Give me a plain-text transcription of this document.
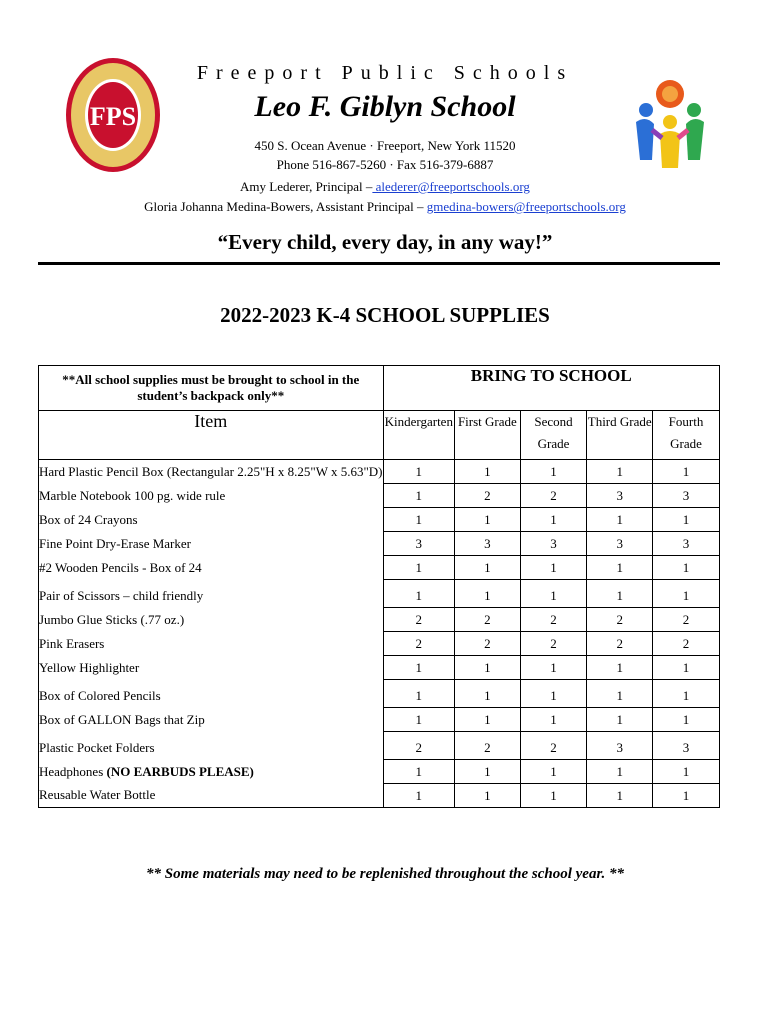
FPS
Freeport Public Schools
Leo F. Giblyn School
450 S. Ocean Avenue · Freeport, New York 11520
Phone 516-867-5260 · Fax 516-379-6887
Amy Lederer, Principal – alederer@freeportschools.org
Gloria Johanna Medina-Bowers, Assistant Principal – gmedina-bowers@freeportschools.org
“Every child, every day, in any way!”
2022-2023 K-4 SCHOOL SUPPLIES
**All school supplies must be brought to school in the student’s backpack only**	BRING TO SCHOOL				
Item	Kindergarten	First Grade	Second Grade	Third Grade	Fourth Grade
Hard Plastic Pencil Box (Rectangular 2.25"H x 8.25"W x 5.63"D)	1	1	1	1	1
Marble Notebook 100 pg. wide rule	1	2	2	3	3
Box of 24 Crayons	1	1	1	1	1
Fine Point Dry-Erase Marker	3	3	3	3	3
#2 Wooden Pencils - Box of 24	1	1	1	1	1
Pair of Scissors – child friendly	1	1	1	1	1
Jumbo Glue Sticks (.77 oz.)	2	2	2	2	2
Pink Erasers	2	2	2	2	2
Yellow Highlighter	1	1	1	1	1
Box of Colored Pencils	1	1	1	1	1
Box of GALLON Bags that Zip	1	1	1	1	1
Plastic Pocket Folders	2	2	2	3	3
Headphones (NO EARBUDS PLEASE)	1	1	1	1	1
Reusable Water Bottle	1	1	1	1	1
** Some materials may need to be replenished throughout the school year. **
